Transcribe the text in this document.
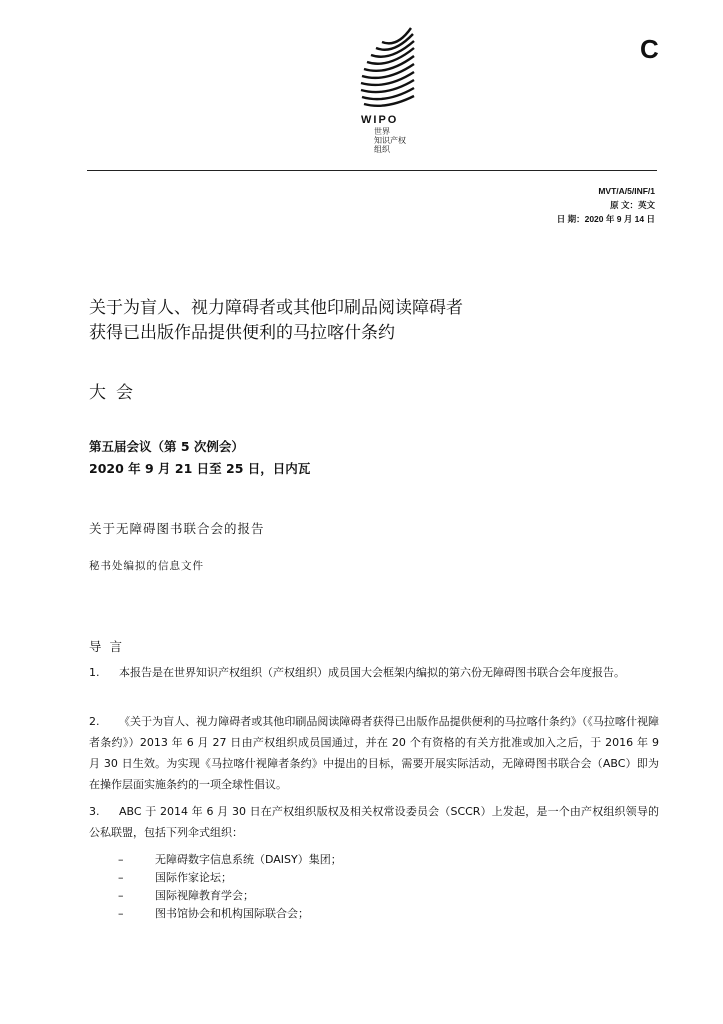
C
WIPO
世界
知识产权
组织
MVT/A/5/INF/1
原 文：英文
日 期：2020 年 9 月 14 日
关于为盲人、视力障碍者或其他印刷品阅读障碍者
获得已出版作品提供便利的马拉喀什条约
大会
第五届会议（第 5 次例会）
2020 年 9 月 21 日至 25 日，日内瓦
关于无障碍图书联合会的报告
秘书处编拟的信息文件
导言
1. 本报告是在世界知识产权组织（产权组织）成员国大会框架内编拟的第六份无障碍图书联合会年度报告。
2. 《关于为盲人、视力障碍者或其他印刷品阅读障碍者获得已出版作品提供便利的马拉喀什条约》（《马拉喀什视障者条约》）2013 年 6 月 27 日由产权组织成员国通过，并在 20 个有资格的有关方批准或加入之后，于 2016 年 9 月 30 日生效。为实现《马拉喀什视障者条约》中提出的目标，需要开展实际活动，无障碍图书联合会（ABC）即为在操作层面实施条约的一项全球性倡议。
3. ABC 于 2014 年 6 月 30 日在产权组织版权及相关权常设委员会（SCCR）上发起，是一个由产权组织领导的公私联盟，包括下列伞式组织：
–	无障碍数字信息系统（DAISY）集团；
–	国际作家论坛；
–	国际视障教育学会；
–	图书馆协会和机构国际联合会；
